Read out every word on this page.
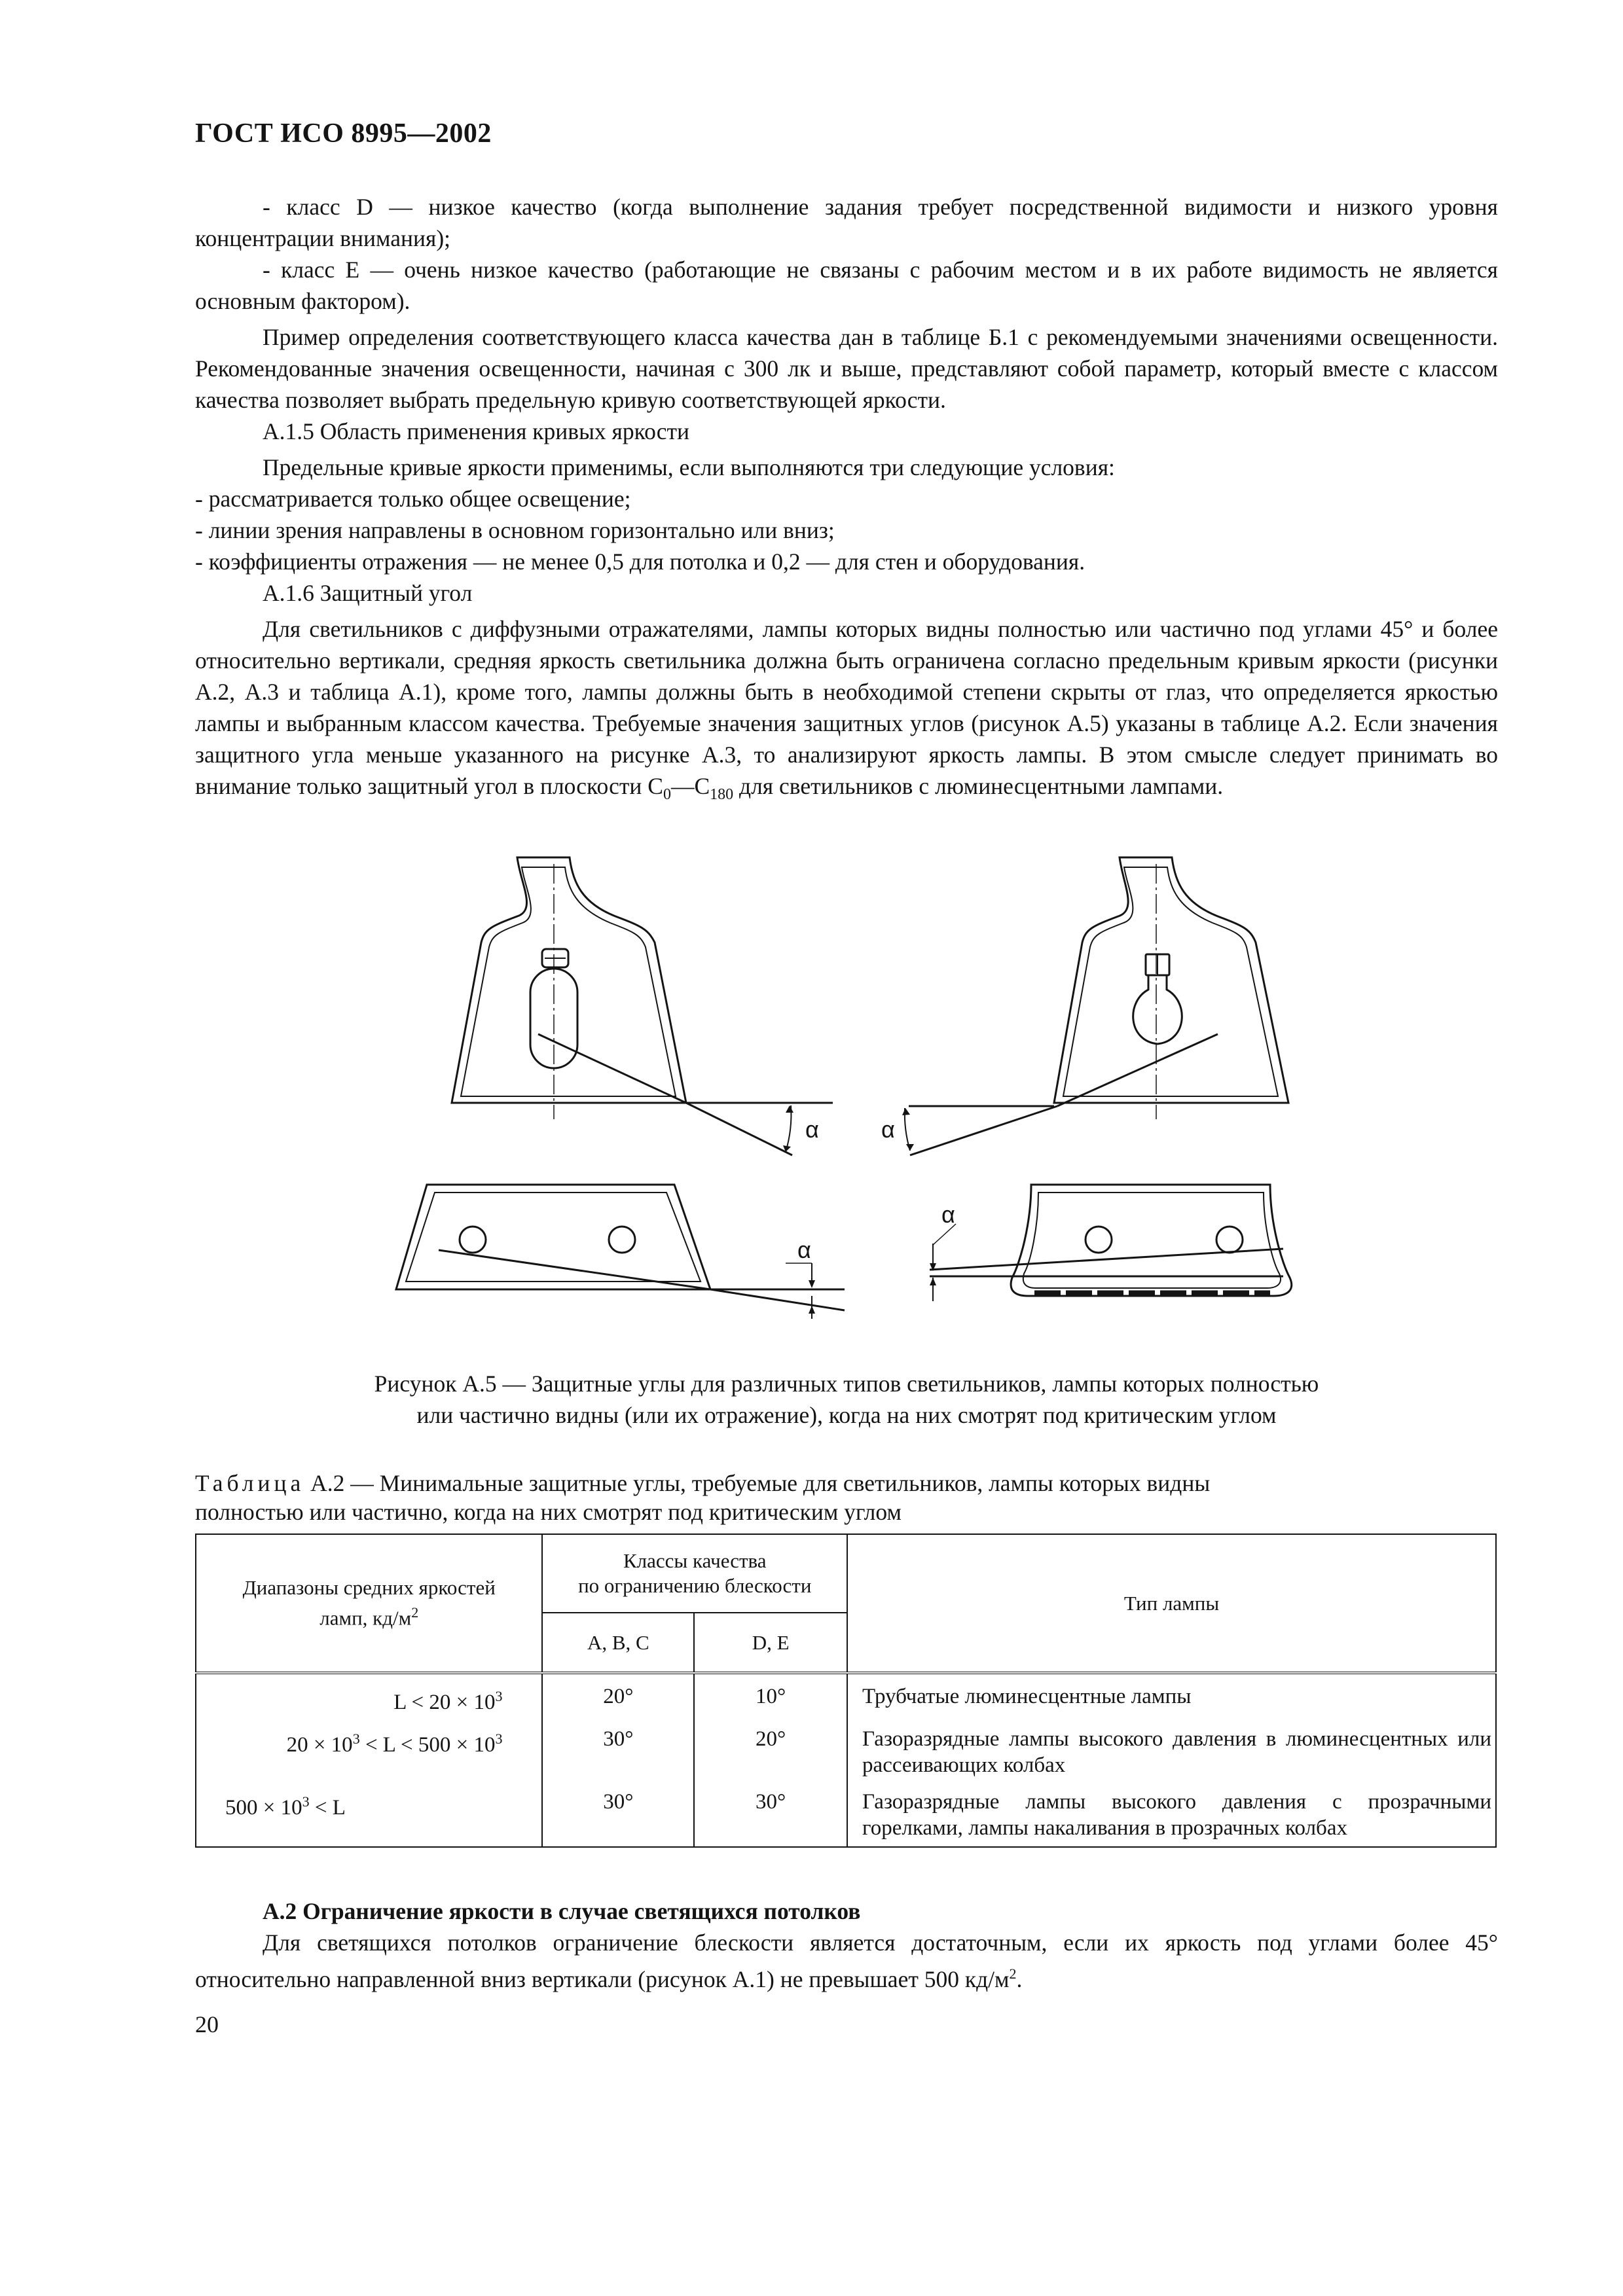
ГОСТ ИСО 8995—2002

- класс D — низкое качество (когда выполнение задания требует посредственной видимости и низкого уровня концентрации внимания);

- класс Е — очень низкое качество (работающие не связаны с рабочим местом и в их работе видимость не является основным фактором).

Пример определения соответствующего класса качества дан в таблице Б.1 с рекомендуемыми значениями освещенности. Рекомендованные значения освещенности, начиная с 300 лк и выше, представляют собой параметр, который вместе с классом качества позволяет выбрать предельную кривую соответствующей яркости.

А.1.5 Область применения кривых яркости

Предельные кривые яркости применимы, если выполняются три следующие условия:

- рассматривается только общее освещение;

- линии зрения направлены в основном горизонтально или вниз;

- коэффициенты отражения — не менее 0,5 для потолка и 0,2 — для стен и оборудования.

А.1.6 Защитный угол

Для светильников с диффузными отражателями, лампы которых видны полностью или частично под углами 45° и более относительно вертикали, средняя яркость светильника должна быть ограничена согласно предельным кривым яркости (рисунки А.2, А.3 и таблица А.1), кроме того, лампы должны быть в необходимой степени скрыты от глаз, что определяется яркостью лампы и выбранным классом качества. Требуемые значения защитных углов (рисунок А.5) указаны в таблице А.2. Если значения защитного угла меньше указанного на рисунке А.3, то анализируют яркость лампы. В этом смысле следует принимать во внимание только защитный угол в плоскости $C_0—C_{180}$ для светильников с люминесцентными лампами.

α	α
α
α

Рисунок А.5 — Защитные углы для различных типов светильников, лампы которых полностью

или частично видны (или их отражение), когда на них смотрят под критическим углом

Таблица А.2 — Минимальные защитные углы, требуемые для светильников, лампы которых видны

полностью или частично, когда на них смотрят под критическим углом

Диапазоны средних яркостей
ламп, $кд/м^2$	Классы качества
по ограничению блескости		Тип лампы
	А, В, С	D, Е	
$L < 20 \times 10^3$	20°	10°	Трубчатые люминесцентные лампы

$20 \times 10^3 < L < 500 \times 10^3$	30°	20°	Газоразрядные лампы высокого давления в люминесцентных или рассеивающих колбах

$500 \times 10^3 < L$	30°	30°	Газоразрядные лампы высокого давления с прозрачными горелками, лампы накаливания в прозрачных колбах

А.2 Ограничение яркости в случае светящихся потолков

Для светящихся потолков ограничение блескости является достаточным, если их яркость под углами более 45° относительно направленной вниз вертикали (рисунок А.1) не превышает 500 $кд/м^2$.

20
